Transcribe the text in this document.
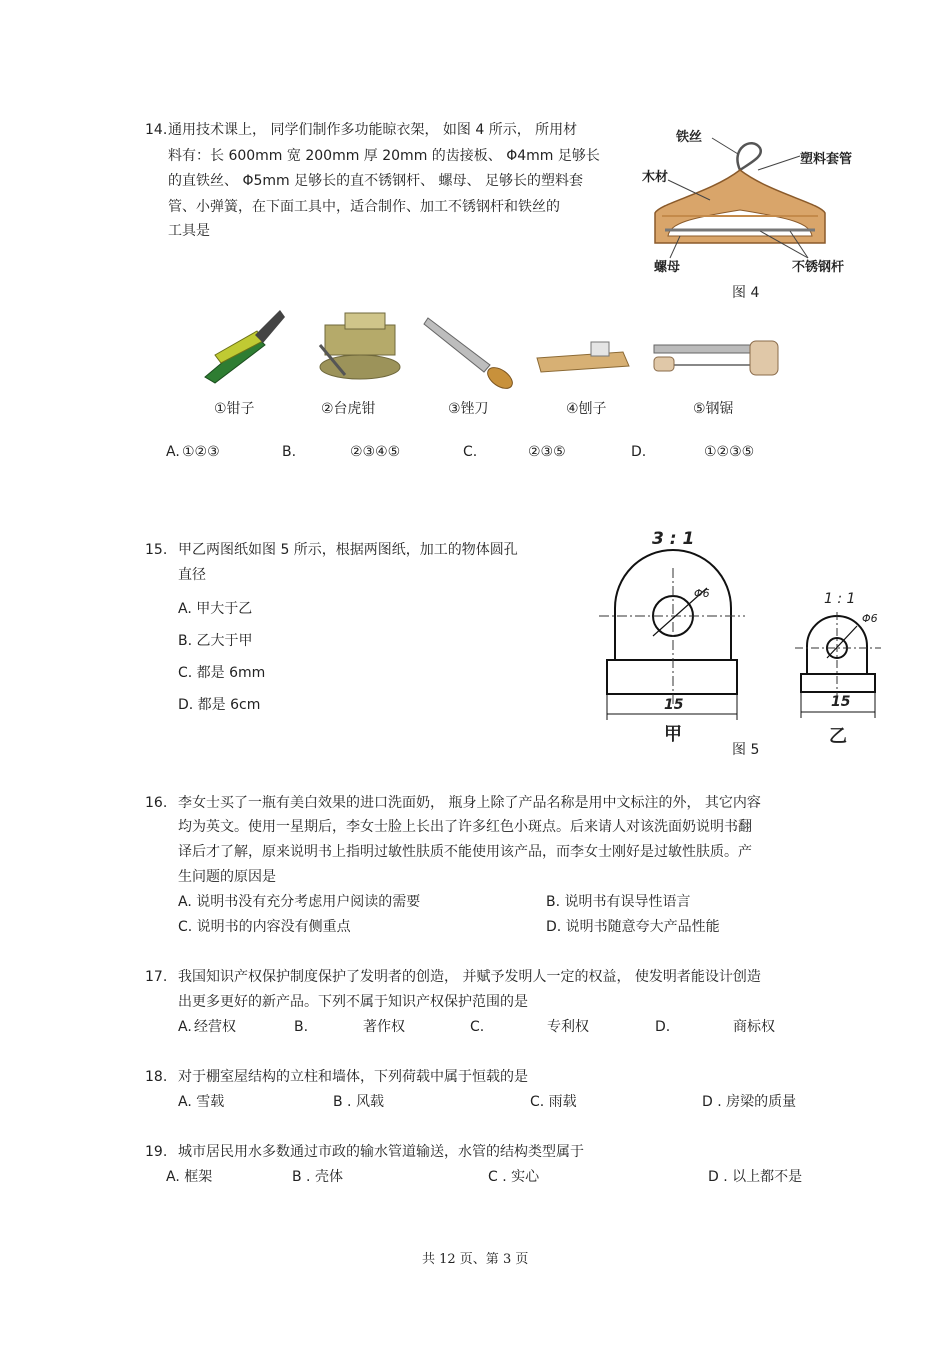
14. 通用技术课上， 同学们制作多功能晾衣架， 如图 4 所示， 所用材
料有：长 600mm 宽 200mm 厚 20mm 的齿接板、 Φ4mm 足够长
的直铁丝、 Φ5mm 足够长的直不锈钢杆、 螺母、 足够长的塑料套
管、小弹簧，在下面工具中，适合制作、加工不锈钢杆和铁丝的
工具是
铁丝
塑料套管
木材
螺母	不锈钢杆
图 4
①钳子	②台虎钳	③锉刀	④刨子	⑤钢锯
A. ①②③	B.	②③④⑤	C.	②③⑤	D.	①②③⑤
15. 甲乙两图纸如图 5 所示，根据两图纸，加工的物体圆孔
直径
A. 甲大于乙
B. 乙大于甲
C. 都是 6mm
D. 都是 6cm
3 : 1
Φ6
15
甲
1 : 1
Φ6
15
乙
图 5
16. 李女士买了一瓶有美白效果的进口洗面奶， 瓶身上除了产品名称是用中文标注的外， 其它内容
均为英文。使用一星期后，李女士脸上长出了许多红色小斑点。后来请人对该洗面奶说明书翻
译后才了解，原来说明书上指明过敏性肤质不能使用该产品，而李女士刚好是过敏性肤质。产
生问题的原因是
A. 说明书没有充分考虑用户阅读的需要	B. 说明书有误导性语言
C. 说明书的内容没有侧重点	D. 说明书随意夸大产品性能
17. 我国知识产权保护制度保护了发明者的创造， 并赋予发明人一定的权益， 使发明者能设计创造
出更多更好的新产品。下列不属于知识产权保护范围的是
A. 经营权	B.	著作权	C.	专利权	D.	商标权
18. 对于棚室屋结构的立柱和墙体，下列荷载中属于恒载的是
A. 雪载	B . 风载	C. 雨载	D . 房梁的质量
19. 城市居民用水多数通过市政的输水管道输送，水管的结构类型属于
A. 框架	B . 壳体	C . 实心	D . 以上都不是
共 12 页、第 3 页
